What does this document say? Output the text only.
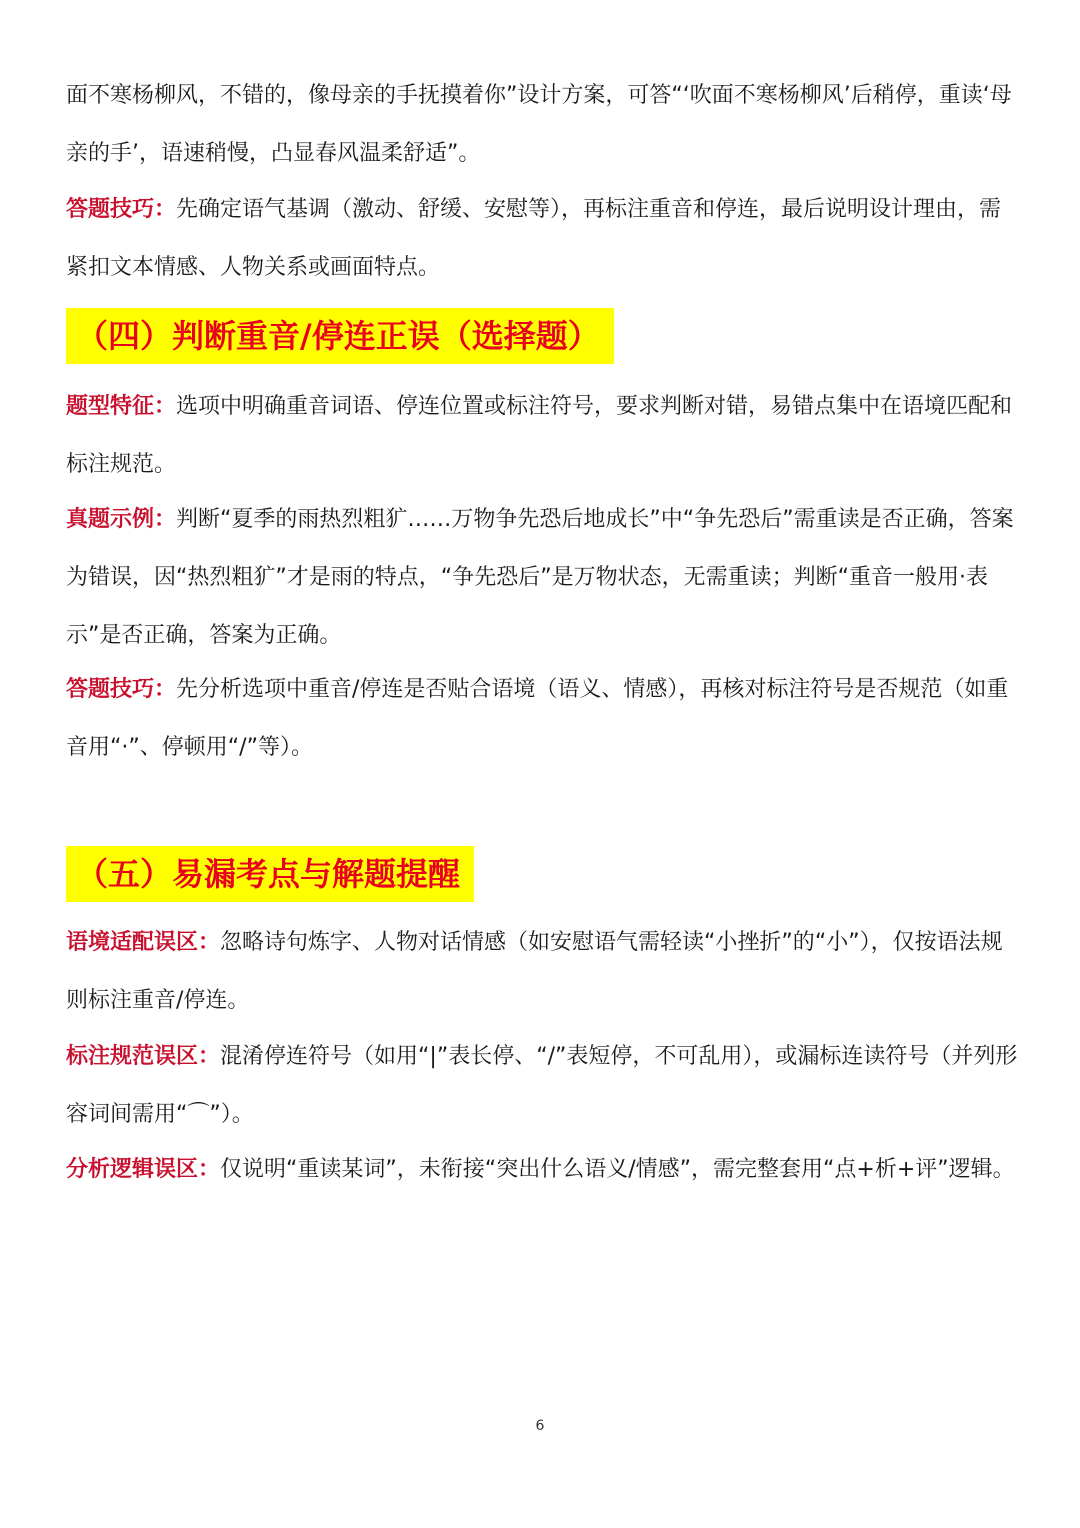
面不寒杨柳风，不错的，像母亲的手抚摸着你”设计方案，可答“‘吹面不寒杨柳风’后稍停，重读‘母亲的手’，语速稍慢，凸显春风温柔舒适”。

答题技巧：先确定语气基调（激动、舒缓、安慰等），再标注重音和停连，最后说明设计理由，需紧扣文本情感、人物关系或画面特点。

（四）判断重音/停连正误（选择题）

题型特征：选项中明确重音词语、停连位置或标注符号，要求判断对错，易错点集中在语境匹配和标注规范。

真题示例：判断“夏季的雨热烈粗犷……万物争先恐后地成长”中“争先恐后”需重读是否正确，答案为错误，因“热烈粗犷”才是雨的特点，“争先恐后”是万物状态，无需重读；判断“重音一般用·表示”是否正确，答案为正确。

答题技巧：先分析选项中重音/停连是否贴合语境（语义、情感），再核对标注符号是否规范（如重音用“·”、停顿用“/”等）。

（五）易漏考点与解题提醒

语境适配误区：忽略诗句炼字、人物对话情感（如安慰语气需轻读“小挫折”的“小”），仅按语法规则标注重音/停连。

标注规范误区：混淆停连符号（如用“|”表长停、“/”表短停，不可乱用），或漏标连读符号（并列形容词间需用“⌒”）。

分析逻辑误区：仅说明“重读某词”，未衔接“突出什么语义/情感”，需完整套用“点+析+评”逻辑。

6
